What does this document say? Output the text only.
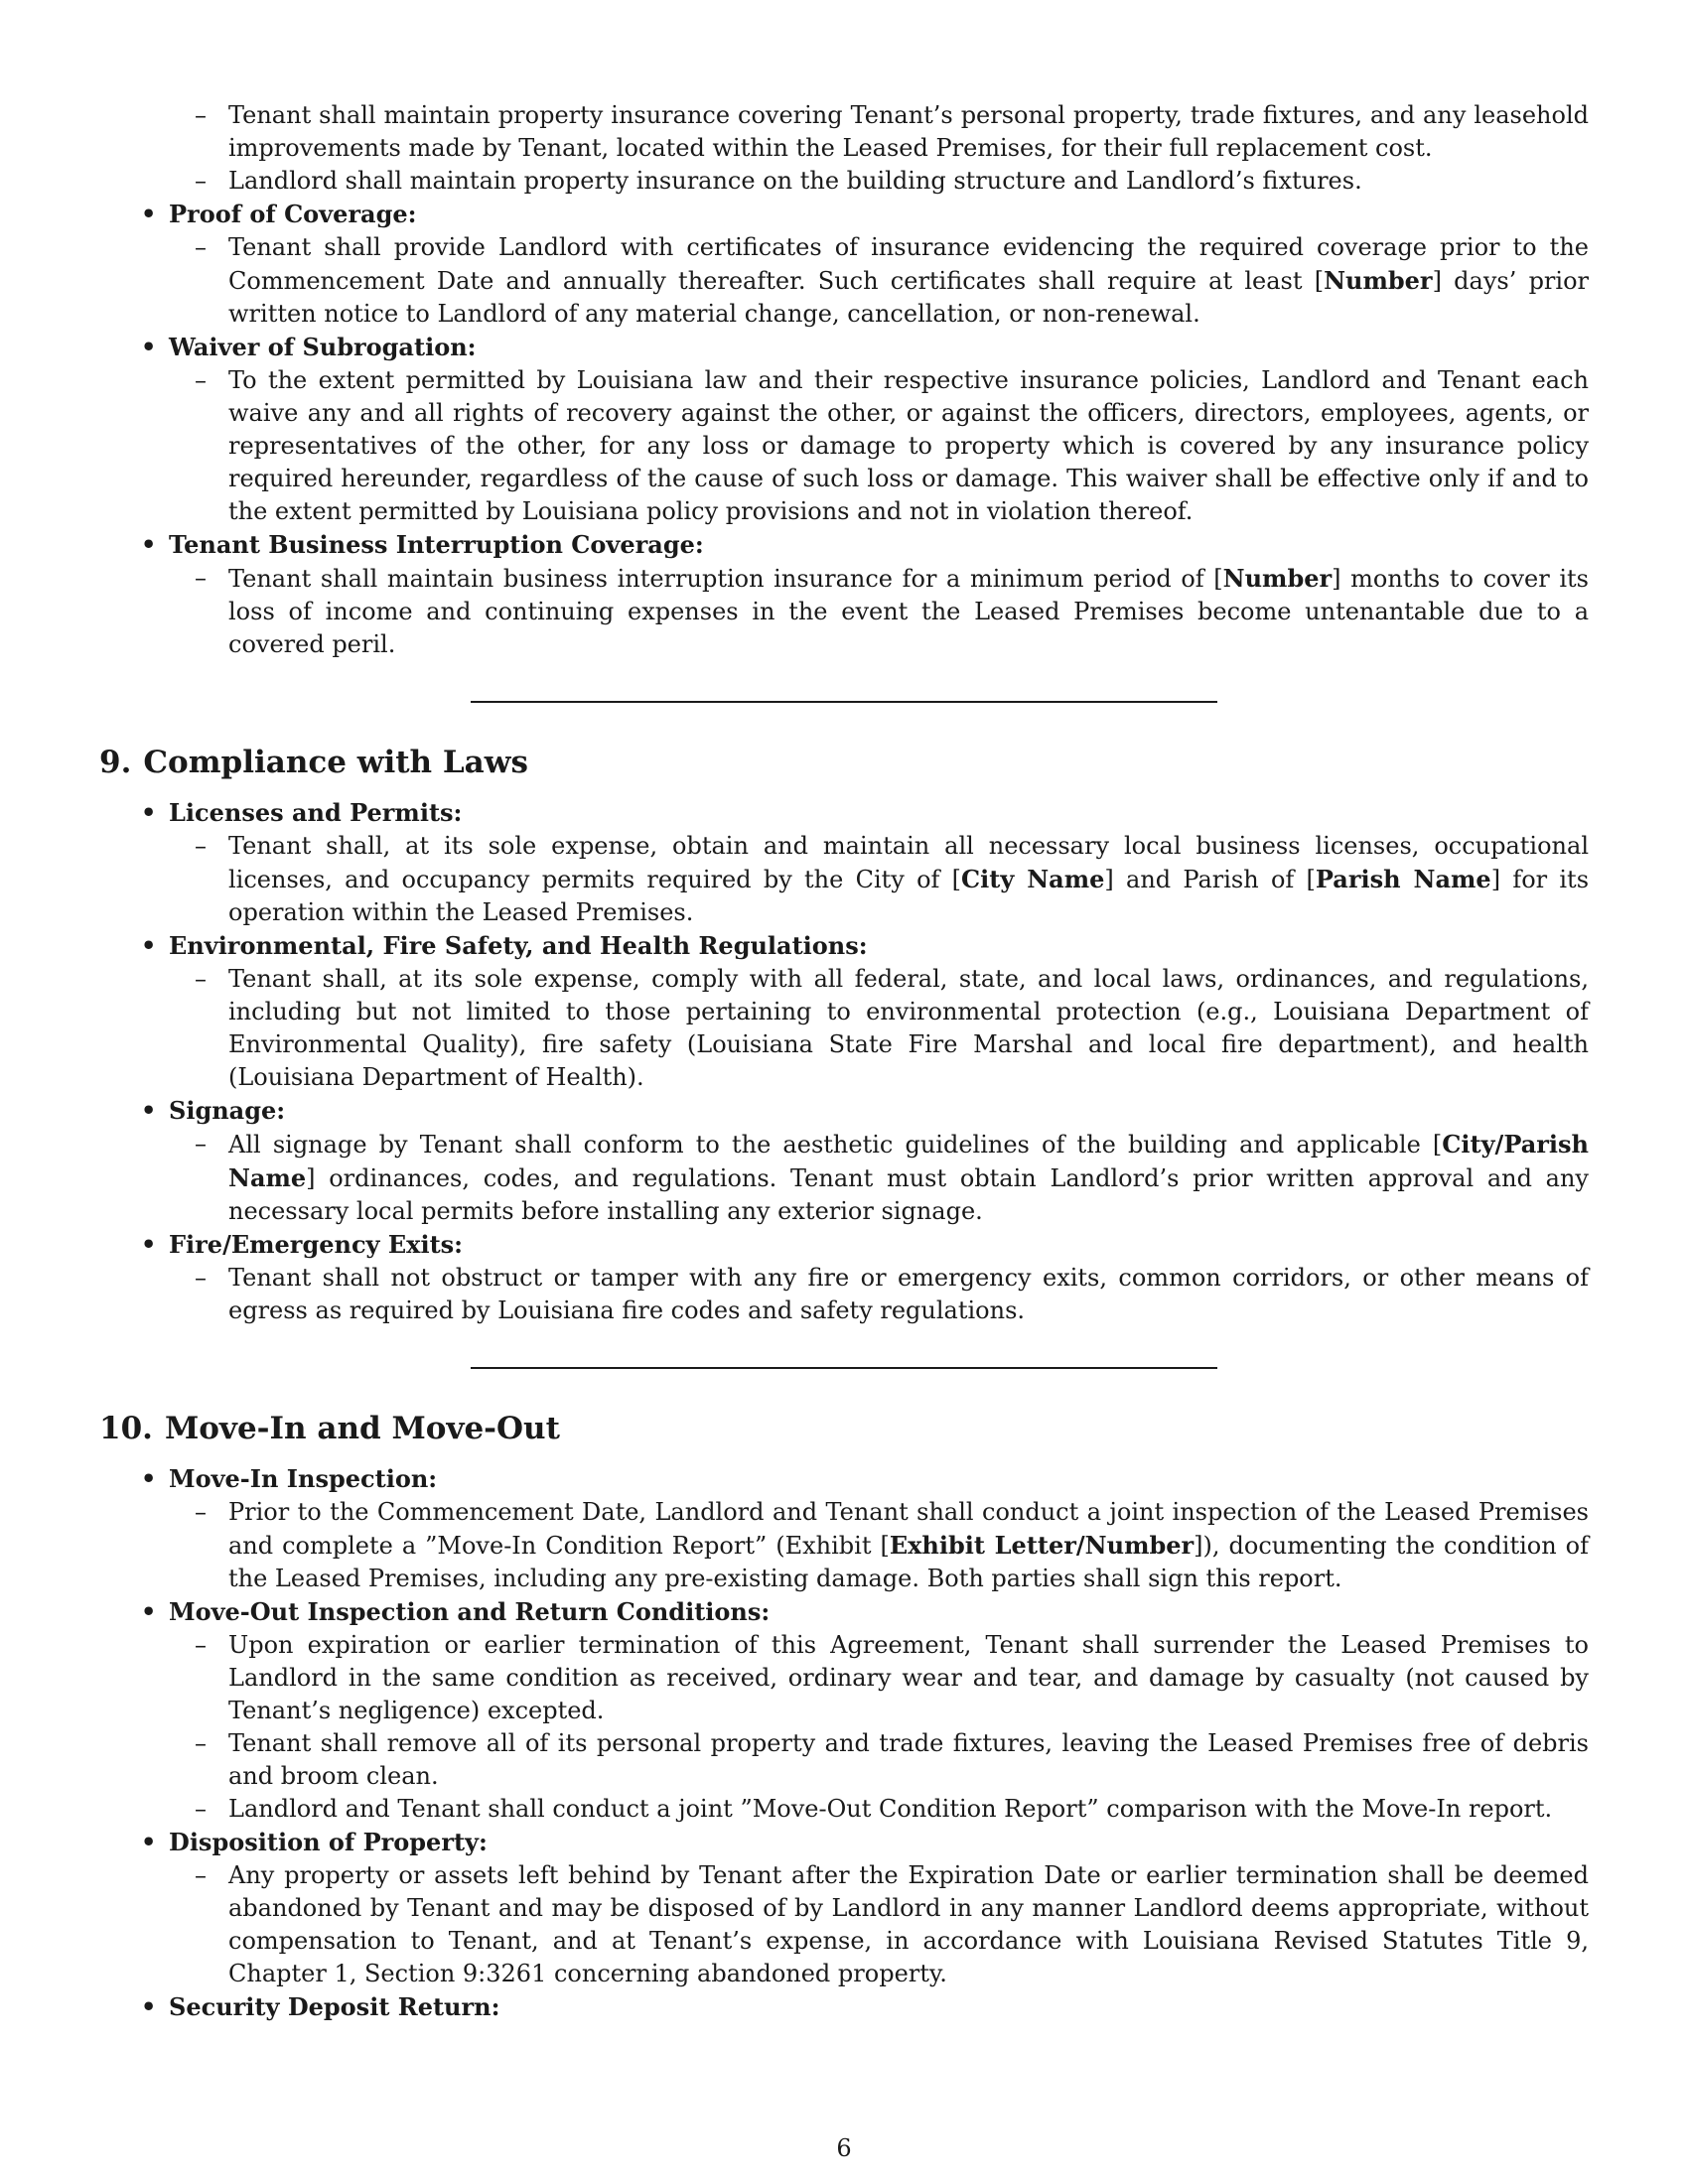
– Tenant shall maintain property insurance covering Tenant’s personal property, trade fixtures, and any leasehold improvements made by Tenant, located within the Leased Premises, for their full replacement cost.
– Landlord shall maintain property insurance on the building structure and Landlord’s fixtures.
• Proof of Coverage:
– Tenant shall provide Landlord with certificates of insurance evidencing the required coverage prior to the Commencement Date and annually thereafter. Such certificates shall require at least [Number] days’ prior written notice to Landlord of any material change, cancellation, or non-renewal.
• Waiver of Subrogation:
– To the extent permitted by Louisiana law and their respective insurance policies, Landlord and Tenant each waive any and all rights of recovery against the other, or against the officers, directors, employees, agents, or representatives of the other, for any loss or damage to property which is covered by any insurance policy required hereunder, regardless of the cause of such loss or damage. This waiver shall be effective only if and to the extent permitted by Louisiana policy provisions and not in violation thereof.
• Tenant Business Interruption Coverage:
– Tenant shall maintain business interruption insurance for a minimum period of [Number] months to cover its loss of income and continuing expenses in the event the Leased Premises become untenantable due to a covered peril.
9. Compliance with Laws
• Licenses and Permits:
– Tenant shall, at its sole expense, obtain and maintain all necessary local business licenses, occupational licenses, and occupancy permits required by the City of [City Name] and Parish of [Parish Name] for its operation within the Leased Premises.
• Environmental, Fire Safety, and Health Regulations:
– Tenant shall, at its sole expense, comply with all federal, state, and local laws, ordinances, and regulations, including but not limited to those pertaining to environmental protection (e.g., Louisiana Department of Environmental Quality), fire safety (Louisiana State Fire Marshal and local fire department), and health (Louisiana Department of Health).
• Signage:
– All signage by Tenant shall conform to the aesthetic guidelines of the building and applicable [City/Parish Name] ordinances, codes, and regulations. Tenant must obtain Landlord’s prior written approval and any necessary local permits before installing any exterior signage.
• Fire/Emergency Exits:
– Tenant shall not obstruct or tamper with any fire or emergency exits, common corridors, or other means of egress as required by Louisiana fire codes and safety regulations.
10. Move-In and Move-Out
• Move-In Inspection:
– Prior to the Commencement Date, Landlord and Tenant shall conduct a joint inspection of the Leased Premises and complete a ”Move-In Condition Report” (Exhibit [Exhibit Letter/Number]), documenting the condition of the Leased Premises, including any pre-existing damage. Both parties shall sign this report.
• Move-Out Inspection and Return Conditions:
– Upon expiration or earlier termination of this Agreement, Tenant shall surrender the Leased Premises to Landlord in the same condition as received, ordinary wear and tear, and damage by casualty (not caused by Tenant’s negligence) excepted.
– Tenant shall remove all of its personal property and trade fixtures, leaving the Leased Premises free of debris and broom clean.
– Landlord and Tenant shall conduct a joint ”Move-Out Condition Report” comparison with the Move-In report.
• Disposition of Property:
– Any property or assets left behind by Tenant after the Expiration Date or earlier termination shall be deemed abandoned by Tenant and may be disposed of by Landlord in any manner Landlord deems appropriate, without compensation to Tenant, and at Tenant’s expense, in accordance with Louisiana Revised Statutes Title 9, Chapter 1, Section 9:3261 concerning abandoned property.
• Security Deposit Return:
6
